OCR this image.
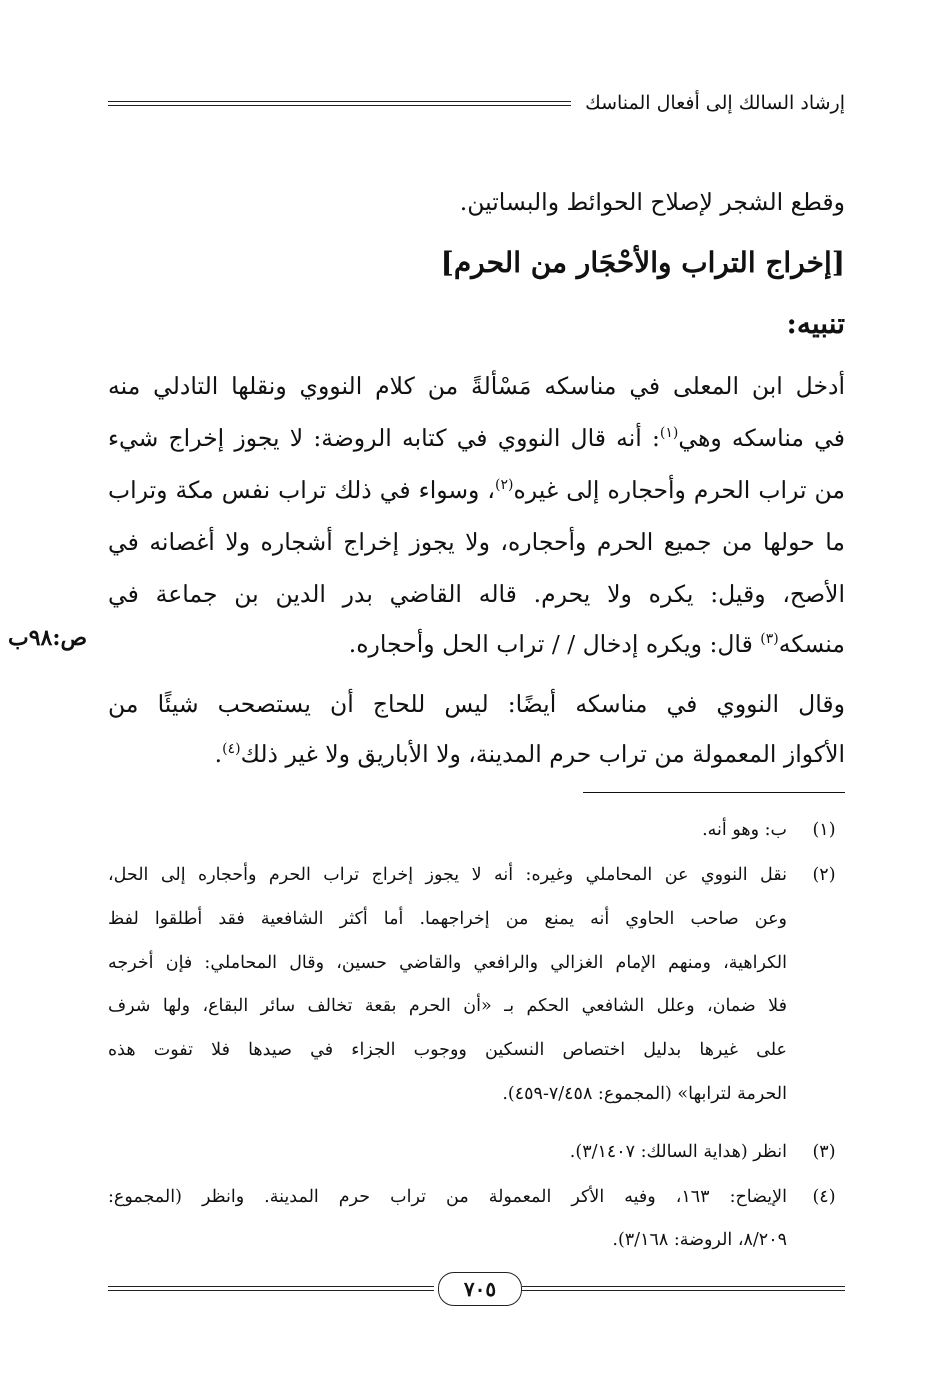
إرشاد السالك إلى أفعال المناسك
وقطع الشجر لإصلاح الحوائط والبساتين.
[إخراج التراب والأحْجَار من الحرم]
تنبيه:
أدخل ابن المعلى في مناسكه مَسْألةً من كلام النووي ونقلها التادلي منه
في مناسكه وهي$^{(١)}$: أنه قال النووي في كتابه الروضة: لا يجوز إخراج شيء
من تراب الحرم وأحجاره إلى غيره$^{(٢)}$، وسواء في ذلك تراب نفس مكة وتراب
ما حولها من جميع الحرم وأحجاره، ولا يجوز إخراج أشجاره ولا أغصانه في
الأصح، وقيل: يكره ولا يحرم. قاله القاضي بدر الدين بن جماعة في
منسكه$^{(٣)}$ قال: ويكره إدخال / / تراب الحل وأحجاره.
ص:٩٨ب
وقال النووي في مناسكه أيضًا: ليس للحاج أن يستصحب شيئًا من
الأكواز المعمولة من تراب حرم المدينة، ولا الأباريق ولا غير ذلك$^{(٤)}$.
(١)
ب: وهو أنه.
(٢)
نقل النووي عن المحاملي وغيره: أنه لا يجوز إخراج تراب الحرم وأحجاره إلى الحل،
وعن صاحب الحاوي أنه يمنع من إخراجهما. أما أكثر الشافعية فقد أطلقوا لفظ
الكراهية، ومنهم الإمام الغزالي والرافعي والقاضي حسين، وقال المحاملي: فإن أخرجه
فلا ضمان، وعلل الشافعي الحكم بـ «أن الحرم بقعة تخالف سائر البقاع، ولها شرف
على غيرها بدليل اختصاص النسكين ووجوب الجزاء في صيدها فلا تفوت هذه
الحرمة لترابها» (المجموع: ٧/٤٥٨-٤٥٩).
(٣)
انظر (هداية السالك: ٣/١٤٠٧).
(٤)
الإيضاح: ١٦٣، وفيه الأكر المعمولة من تراب حرم المدينة. وانظر (المجموع:
٨/٢٠٩، الروضة: ٣/١٦٨).
٧٠٥
